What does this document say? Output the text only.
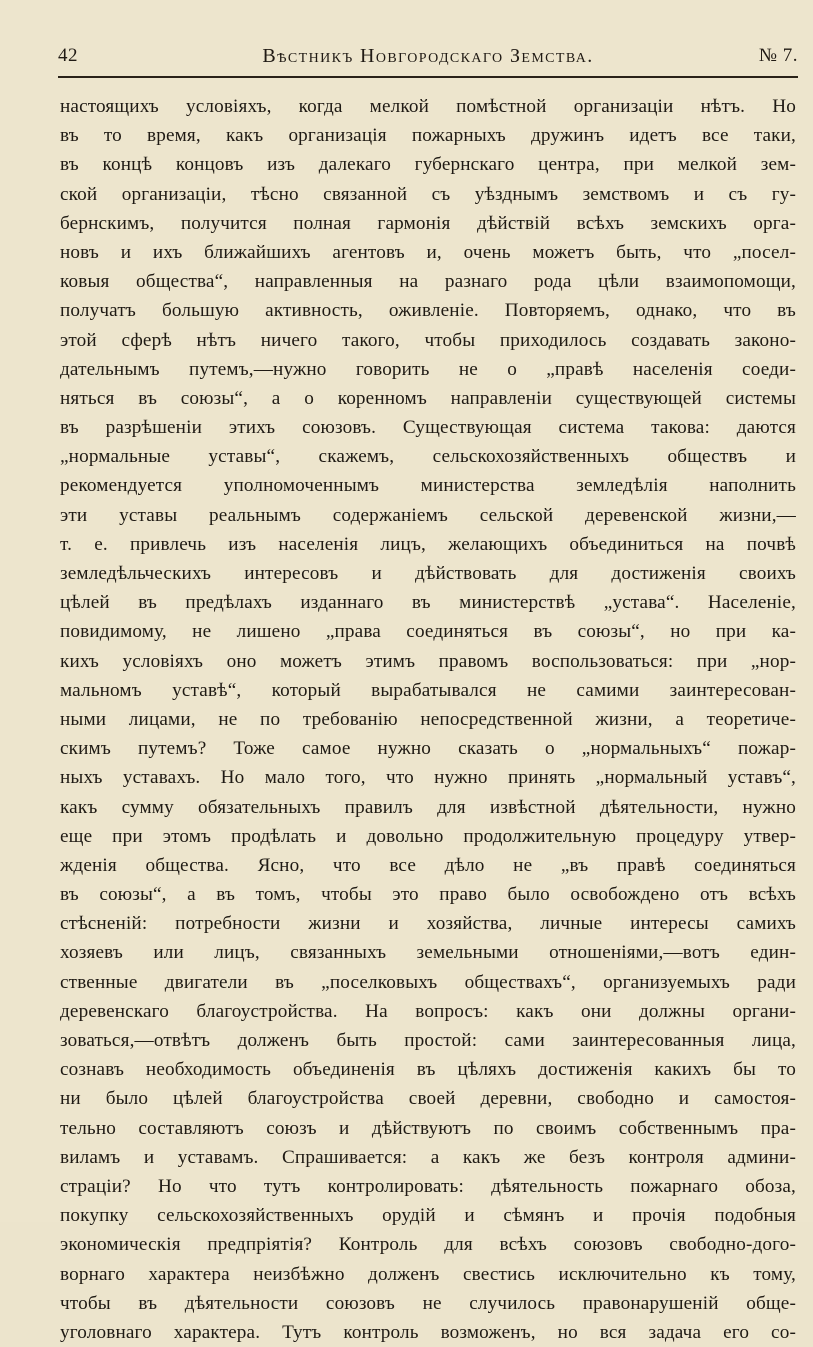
42	Вѣстникъ Новгородскаго Земства.	№ 7.
настоящихъ условіяхъ, когда мелкой помѣстной организаціи нѣтъ. Но
въ то время, какъ организація пожарныхъ дружинъ идетъ все таки,
въ концѣ концовъ изъ далекаго губернскаго центра, при мелкой зем-
ской организаціи, тѣсно связанной съ уѣзднымъ земствомъ и съ гу-
бернскимъ, получится полная гармонія дѣйствій всѣхъ земскихъ орга-
новъ и ихъ ближайшихъ агентовъ и, очень можетъ быть, что „посел-
ковыя общества“, направленныя на разнаго рода цѣли взаимопомощи,
получатъ большую активность, оживленіе. Повторяемъ, однако, что въ
этой сферѣ нѣтъ ничего такого, чтобы приходилось создавать законо-
дательнымъ путемъ,—нужно говорить не о „правѣ населенія соеди-
няться въ союзы“, а о коренномъ направленіи существующей системы
въ разрѣшеніи этихъ союзовъ. Существующая система такова: даются
„нормальные уставы“, скажемъ, сельскохозяйственныхъ обществъ и
рекомендуется уполномоченнымъ министерства земледѣлія наполнить
эти уставы реальнымъ содержаніемъ сельской деревенской жизни,—
т. е. привлечь изъ населенія лицъ, желающихъ объединиться на почвѣ
земледѣльческихъ интересовъ и дѣйствовать для достиженія своихъ
цѣлей въ предѣлахъ изданнаго въ министерствѣ „устава“. Населеніе,
повидимому, не лишено „права соединяться въ союзы“, но при ка-
кихъ условіяхъ оно можетъ этимъ правомъ воспользоваться: при „нор-
мальномъ уставѣ“, который вырабатывался не самими заинтересован-
ными лицами, не по требованію непосредственной жизни, а теоретиче-
скимъ путемъ? Тоже самое нужно сказать о „нормальныхъ“ пожар-
ныхъ уставахъ. Но мало того, что нужно принять „нормальный уставъ“,
какъ сумму обязательныхъ правилъ для извѣстной дѣятельности, нужно
еще при этомъ продѣлать и довольно продолжительную процедуру утвер-
жденія общества. Ясно, что все дѣло не „въ правѣ соединяться
въ союзы“, а въ томъ, чтобы это право было освобождено отъ всѣхъ
стѣсненій: потребности жизни и хозяйства, личные интересы самихъ
хозяевъ или лицъ, связанныхъ земельными отношеніями,—вотъ един-
ственные двигатели въ „поселковыхъ обществахъ“, организуемыхъ ради
деревенскаго благоустройства. На вопросъ: какъ они должны органи-
зоваться,—отвѣтъ долженъ быть простой: сами заинтересованныя лица,
сознавъ необходимость объединенія въ цѣляхъ достиженія какихъ бы то
ни было цѣлей благоустройства своей деревни, свободно и самостоя-
тельно составляютъ союзъ и дѣйствуютъ по своимъ собственнымъ пра-
виламъ и уставамъ. Спрашивается: а какъ же безъ контроля админи-
страціи? Но что тутъ контролировать: дѣятельность пожарнаго обоза,
покупку сельскохозяйственныхъ орудій и сѣмянъ и прочія подобныя
экономическія предпріятія? Контроль для всѣхъ союзовъ свободно-дого-
ворнаго характера неизбѣжно долженъ свестись исключительно къ тому,
чтобы въ дѣятельности союзовъ не случилось правонарушеній обще-
уголовнаго характера. Тутъ контроль возможенъ, но вся задача его со-
